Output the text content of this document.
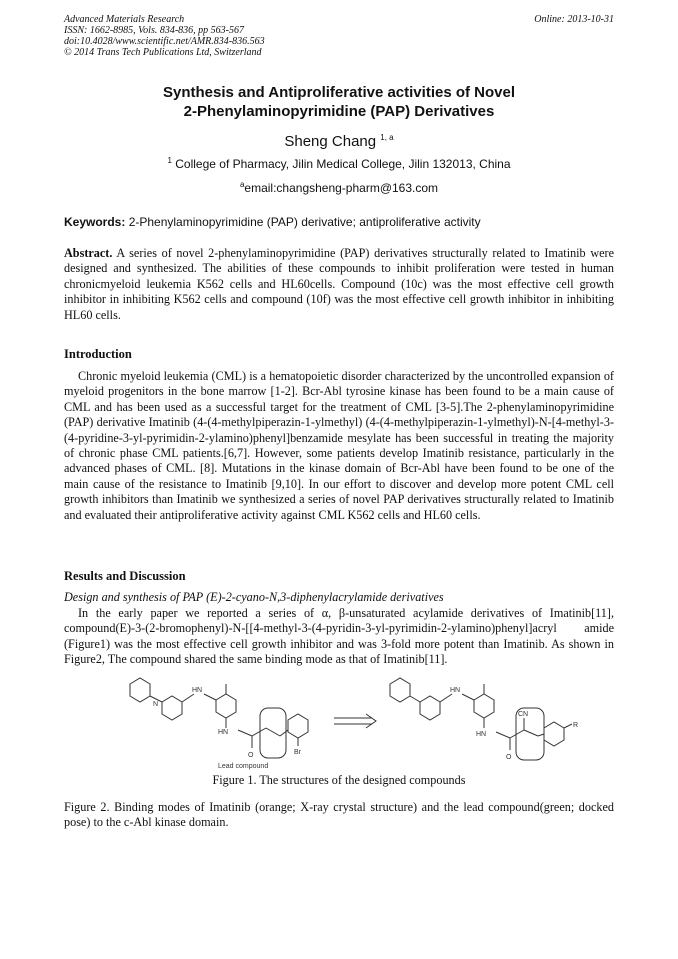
Advanced Materials Research
ISSN: 1662-8985, Vols. 834-836, pp 563-567
doi:10.4028/www.scientific.net/AMR.834-836.563
© 2014 Trans Tech Publications Ltd, Switzerland
Online: 2013-10-31
Synthesis and Antiproliferative activities of Novel
2-Phenylaminopyrimidine (PAP) Derivatives
Sheng Chang $^{1, a}$
$^1$ College of Pharmacy, Jilin Medical College, Jilin 132013, China
$^a$email:changsheng-pharm@163.com
Keywords: 2-Phenylaminopyrimidine (PAP) derivative; antiproliferative activity
Abstract. A series of novel 2-phenylaminopyrimidine (PAP) derivatives structurally related to Imatinib were designed and synthesized. The abilities of these compounds to inhibit proliferation were tested in human chronicmyeloid leukemia K562 cells and HL60cells. Compound (10c) was the most effective cell growth inhibitor in inhibiting K562 cells and compound (10f) was the most effective cell growth inhibitor in inhibiting HL60 cells.
Introduction
Chronic myeloid leukemia (CML) is a hematopoietic disorder characterized by the uncontrolled expansion of myeloid progenitors in the bone marrow [1-2]. Bcr-Abl tyrosine kinase has been found to be a main cause of CML and has been used as a successful target for the treatment of CML [3-5].The 2-phenylaminopyrimidine (PAP) derivative Imatinib (4-(4-methylpiperazin-1-ylmethyl) (4-(4-methylpiperazin-1-ylmethyl)-N-[4-methyl-3-(4-pyridine-3-yl-pyrimidin-2-ylamino)phenyl]benzamide mesylate has been successful in treating the majority of chronic phase CML patients.[6,7]. However, some patients develop Imatinib resistance, particularly in the advanced phases of CML. [8]. Mutations in the kinase domain of Bcr-Abl have been found to be one of the main cause of the resistance to Imatinib [9,10]. In our effort to discover and develop more potent CML cell growth inhibitors than Imatinib we synthesized a series of novel PAP derivatives structurally related to Imatinib and evaluated their antiproliferative activity against CML K562 cells and HL60 cells.
Results and Discussion
Design and synthesis of PAP (E)-2-cyano-N,3-diphenylacrylamide derivatives
In the early paper we reported a series of α, β-unsaturated acylamide derivatives of Imatinib[11], compound(E)-3-(2-bromophenyl)-N-[[4-methyl-3-(4-pyridin-3-yl-pyrimidin-2-ylamino)phenyl]acryl amide (Figure1) was the most effective cell growth inhibitor and was 3-fold more potent than Imatinib. As shown in Figure2, The compound shared the same binding mode as that of Imatinib[11].
N
HN
HN
O	Br
Lead compound
HN
HN
O
CN
R
Figure 1. The structures of the designed compounds
Figure 2. Binding modes of Imatinib (orange; X-ray crystal structure) and the lead compound(green; docked pose) to the c-Abl kinase domain.
